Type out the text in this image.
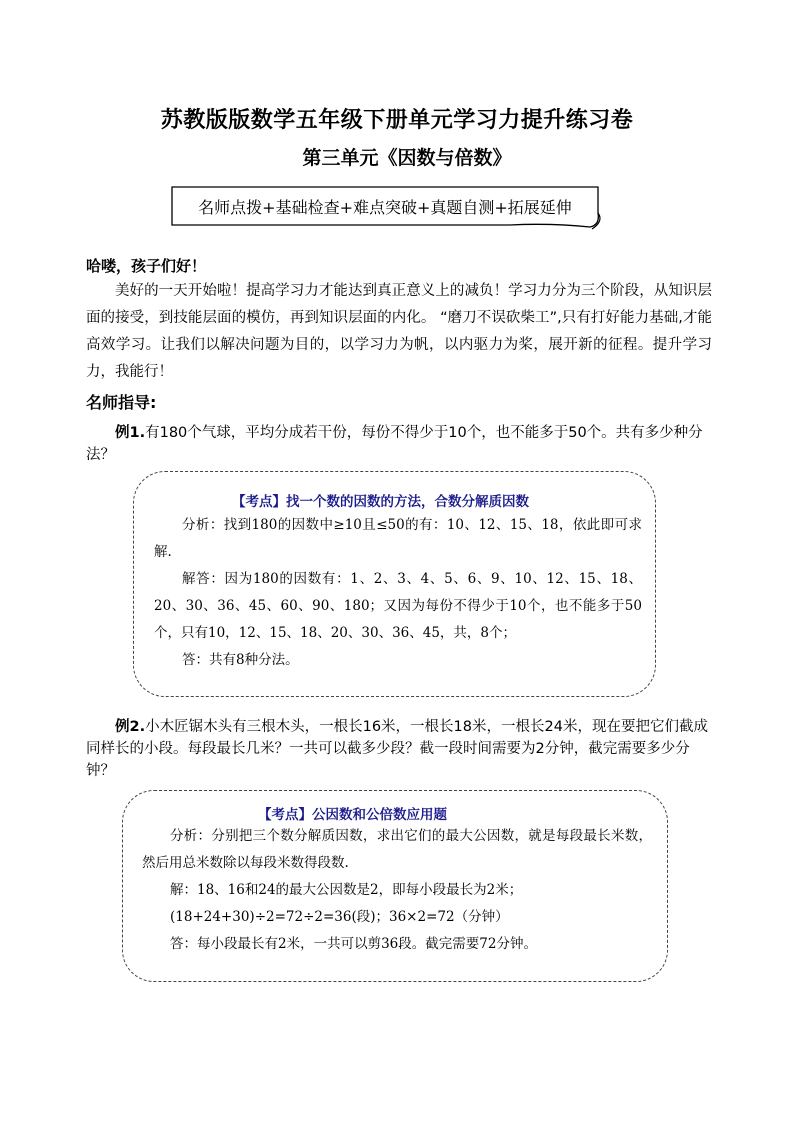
苏教版版数学五年级下册单元学习力提升练习卷
第三单元《因数与倍数》
名师点拨+基础检查+难点突破+真题自测+拓展延伸
哈喽，孩子们好！
美好的一天开始啦！提高学习力才能达到真正意义上的减负！学习力分为三个阶段，从知识层面的接受，到技能层面的模仿，再到知识层面的内化。 “磨刀不误砍柴工”,只有打好能力基础,才能高效学习。让我们以解决问题为目的，以学习力为帆，以内驱力为桨，展开新的征程。提升学习力，我能行！
名师指导:
例1.有180个气球，平均分成若干份，每份不得少于10个，也不能多于50个。共有多少种分法？
【考点】找一个数的因数的方法，合数分解质因数
分析：找到180的因数中≥10且≤50的有：10、12、15、18，依此即可求解.
解答：因为180的因数有：1、2、3、4、5、6、9、10、12、15、18、20、30、36、45、60、90、180；又因为每份不得少于10个，也不能多于50个，只有10，12、15、18、20、30、36、45，共，8个；
答：共有8种分法。
例2.小木匠锯木头有三根木头，一根长16米，一根长18米，一根长24米，现在要把它们截成同样长的小段。每段最长几米？一共可以截多少段？截一段时间需要为2分钟，截完需要多少分钟？
【考点】公因数和公倍数应用题
分析：分别把三个数分解质因数，求出它们的最大公因数，就是每段最长米数，然后用总米数除以每段米数得段数.
解：18、16和24的最大公因数是2，即每小段最长为2米；
(18+24+30)÷2=72÷2=36(段)；36×2=72（分钟）
答：每小段最长有2米，一共可以剪36段。截完需要72分钟。
